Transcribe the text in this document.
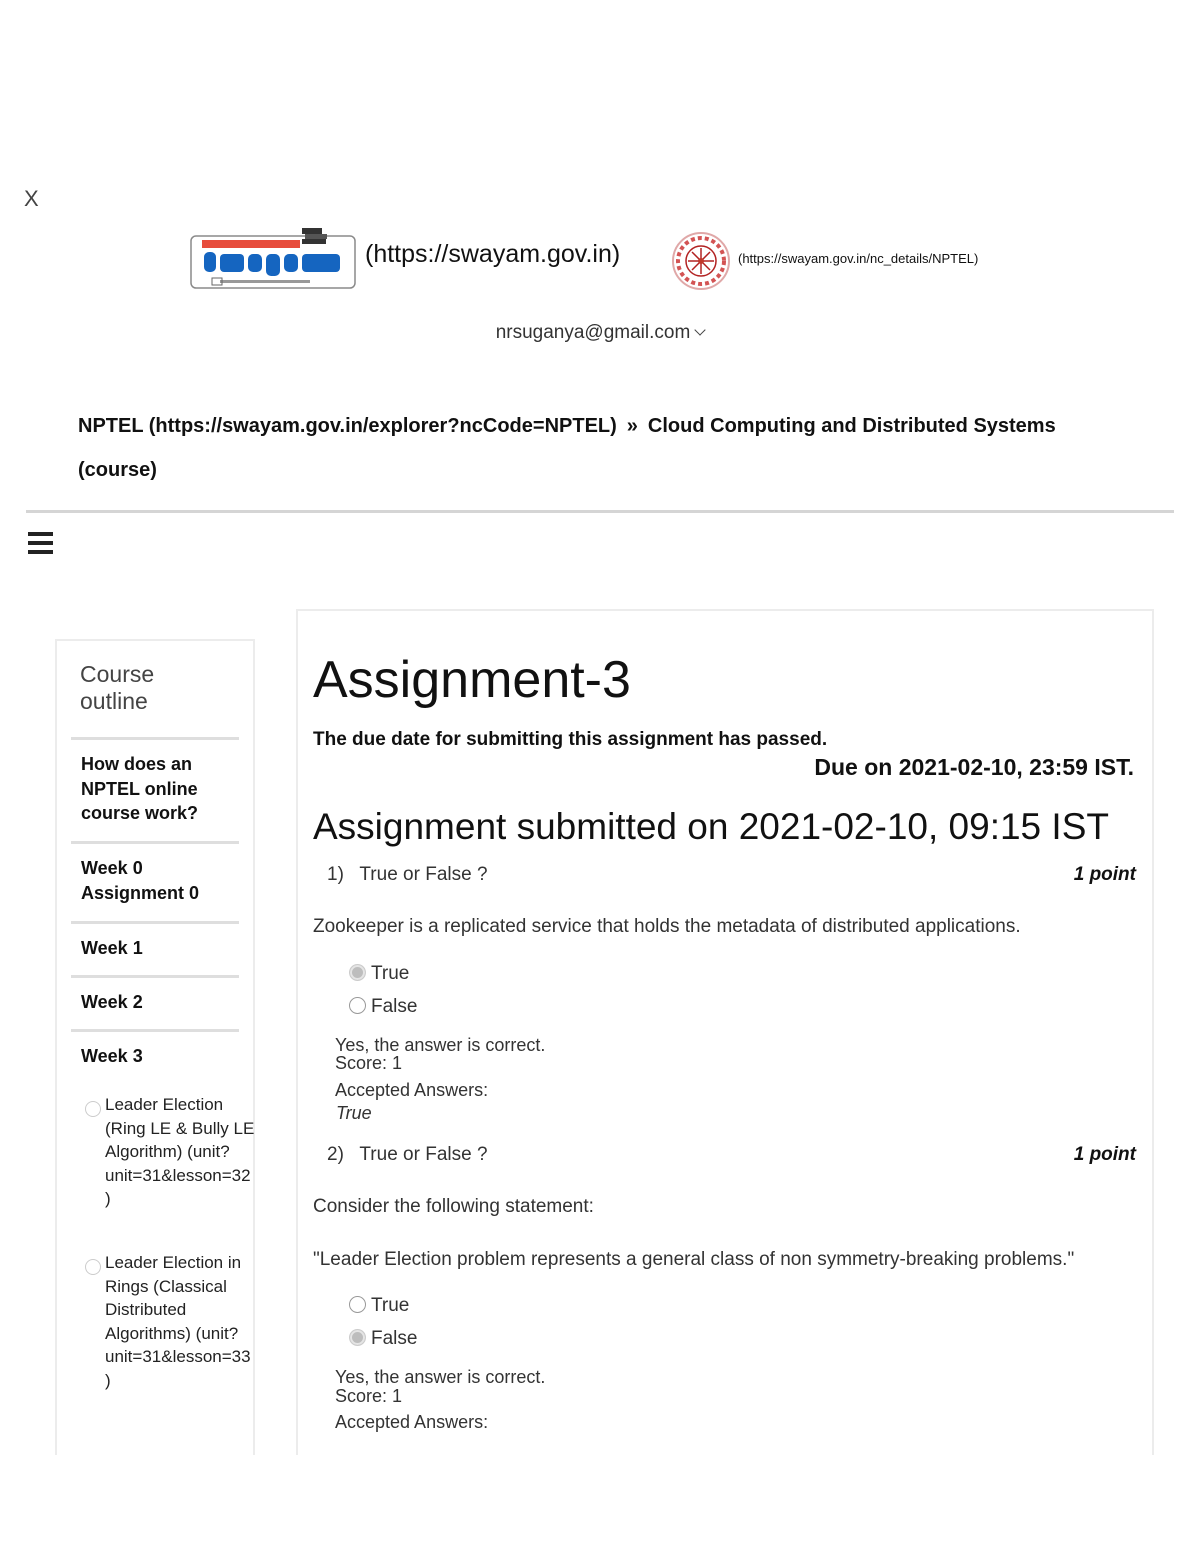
X
(https://swayam.gov.in)	(https://swayam.gov.in/nc_details/NPTEL)
nrsuganya@gmail.com
NPTEL (https://swayam.gov.in/explorer?ncCode=NPTEL) » Cloud Computing and Distributed Systems
(course)
Course
outline
How does an NPTEL online course work?
Week 0 Assignment 0
Week 1
Week 2
Week 3
Leader Election (Ring LE & Bully LE Algorithm) (unit?unit=31&lesson=32)
Leader Election in Rings (Classical Distributed Algorithms) (unit?unit=31&lesson=33)
Assignment-3
The due date for submitting this assignment has passed.
Due on 2021-02-10, 23:59 IST.
Assignment submitted on 2021-02-10, 09:15 IST
1) True or False ?	1 point
Zookeeper is a replicated service that holds the metadata of distributed applications.
True
False
Yes, the answer is correct.
Score: 1
Accepted Answers:
True
2) True or False ?	1 point
Consider the following statement:
"Leader Election problem represents a general class of non symmetry-breaking problems."
True
False
Yes, the answer is correct.
Score: 1
Accepted Answers:
